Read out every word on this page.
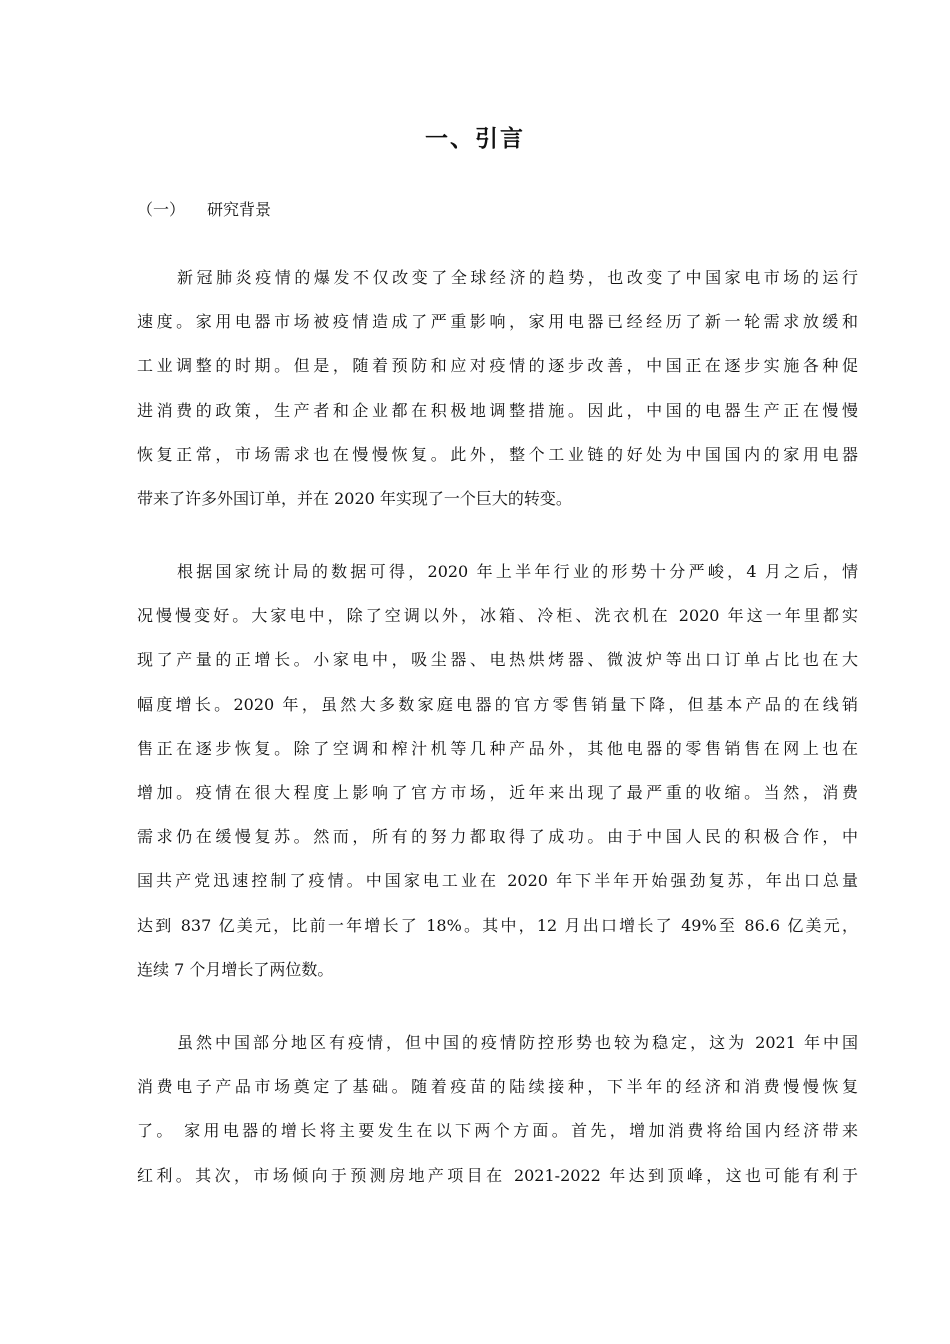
一、引言
（一） 研究背景

新冠肺炎疫情的爆发不仅改变了全球经济的趋势，也改变了中国家电市场的运行
速度。家用电器市场被疫情造成了严重影响，家用电器已经经历了新一轮需求放缓和
工业调整的时期。但是，随着预防和应对疫情的逐步改善，中国正在逐步实施各种促
进消费的政策，生产者和企业都在积极地调整措施。因此，中国的电器生产正在慢慢
恢复正常，市场需求也在慢慢恢复。此外，整个工业链的好处为中国国内的家用电器
带来了许多外国订单，并在 2020 年实现了一个巨大的转变。

根据国家统计局的数据可得，2020 年上半年行业的形势十分严峻，4 月之后，情
况慢慢变好。大家电中，除了空调以外，冰箱、冷柜、洗衣机在 2020 年这一年里都实
现了产量的正增长。小家电中，吸尘器、电热烘烤器、微波炉等出口订单占比也在大
幅度增长。2020 年，虽然大多数家庭电器的官方零售销量下降，但基本产品的在线销
售正在逐步恢复。除了空调和榨汁机等几种产品外，其他电器的零售销售在网上也在
增加。疫情在很大程度上影响了官方市场，近年来出现了最严重的收缩。当然，消费
需求仍在缓慢复苏。然而，所有的努力都取得了成功。由于中国人民的积极合作，中
国共产党迅速控制了疫情。中国家电工业在 2020 年下半年开始强劲复苏，年出口总量
达到 837 亿美元，比前一年增长了 18%。其中，12 月出口增长了 49%至 86.6 亿美元，
连续 7 个月增长了两位数。

虽然中国部分地区有疫情，但中国的疫情防控形势也较为稳定，这为 2021 年中国
消费电子产品市场奠定了基础。随着疫苗的陆续接种，下半年的经济和消费慢慢恢复
了。 家用电器的增长将主要发生在以下两个方面。首先，增加消费将给国内经济带来
红利。其次，市场倾向于预测房地产项目在 2021-2022 年达到顶峰，这也可能有利于
